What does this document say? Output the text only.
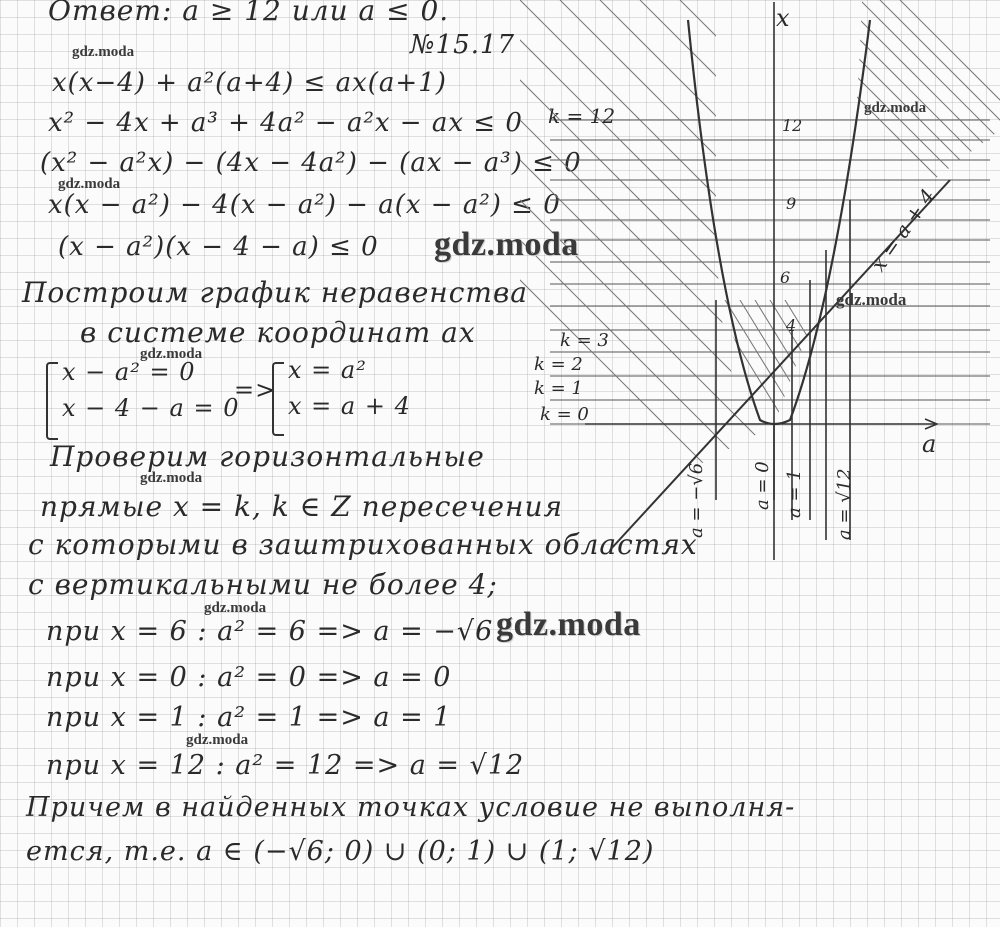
Ответ: a ≥ 12 или a ≤ 0.
№15.17
x(x−4) + a²(a+4) ≤ ax(a+1)
x² − 4x + a³ + 4a² − a²x − ax ≤ 0
(x² − a²x) − (4x − 4a²) − (ax − a³) ≤ 0
x(x − a²) − 4(x − a²) − a(x − a²) ≤ 0
(x − a²)(x − 4 − a) ≤ 0
Построим график неравенства
в системе координат ax
x − a² = 0
x − 4 − a = 0
=>
x = a²
x = a + 4
Проверим горизонтальные
прямые x = k, k ∈ Z пересечения
с которыми в заштрихованных областях
с вертикальными не более 4;
при x = 6 : a² = 6 => a = −√6
при x = 0 : a² = 0 => a = 0
при x = 1 : a² = 1 => a = 1
при x = 12 : a² = 12 => a = √12
Причем в найденных точках условие не выполня-
ется, т.е. a ∈ (−√6; 0) ∪ (0; 1) ∪ (1; √12)
x
a
k = 12
k = 3
k = 2
k = 1
k = 0
12
9
6
4
x = a + 4
a = −√6	a = 0 a = 1 a = √12
gdz.moda
gdz.moda
gdz.moda
gdz.moda
gdz.moda
gdz.moda
gdz.moda
gdz.moda
gdz.moda
gdz.moda
